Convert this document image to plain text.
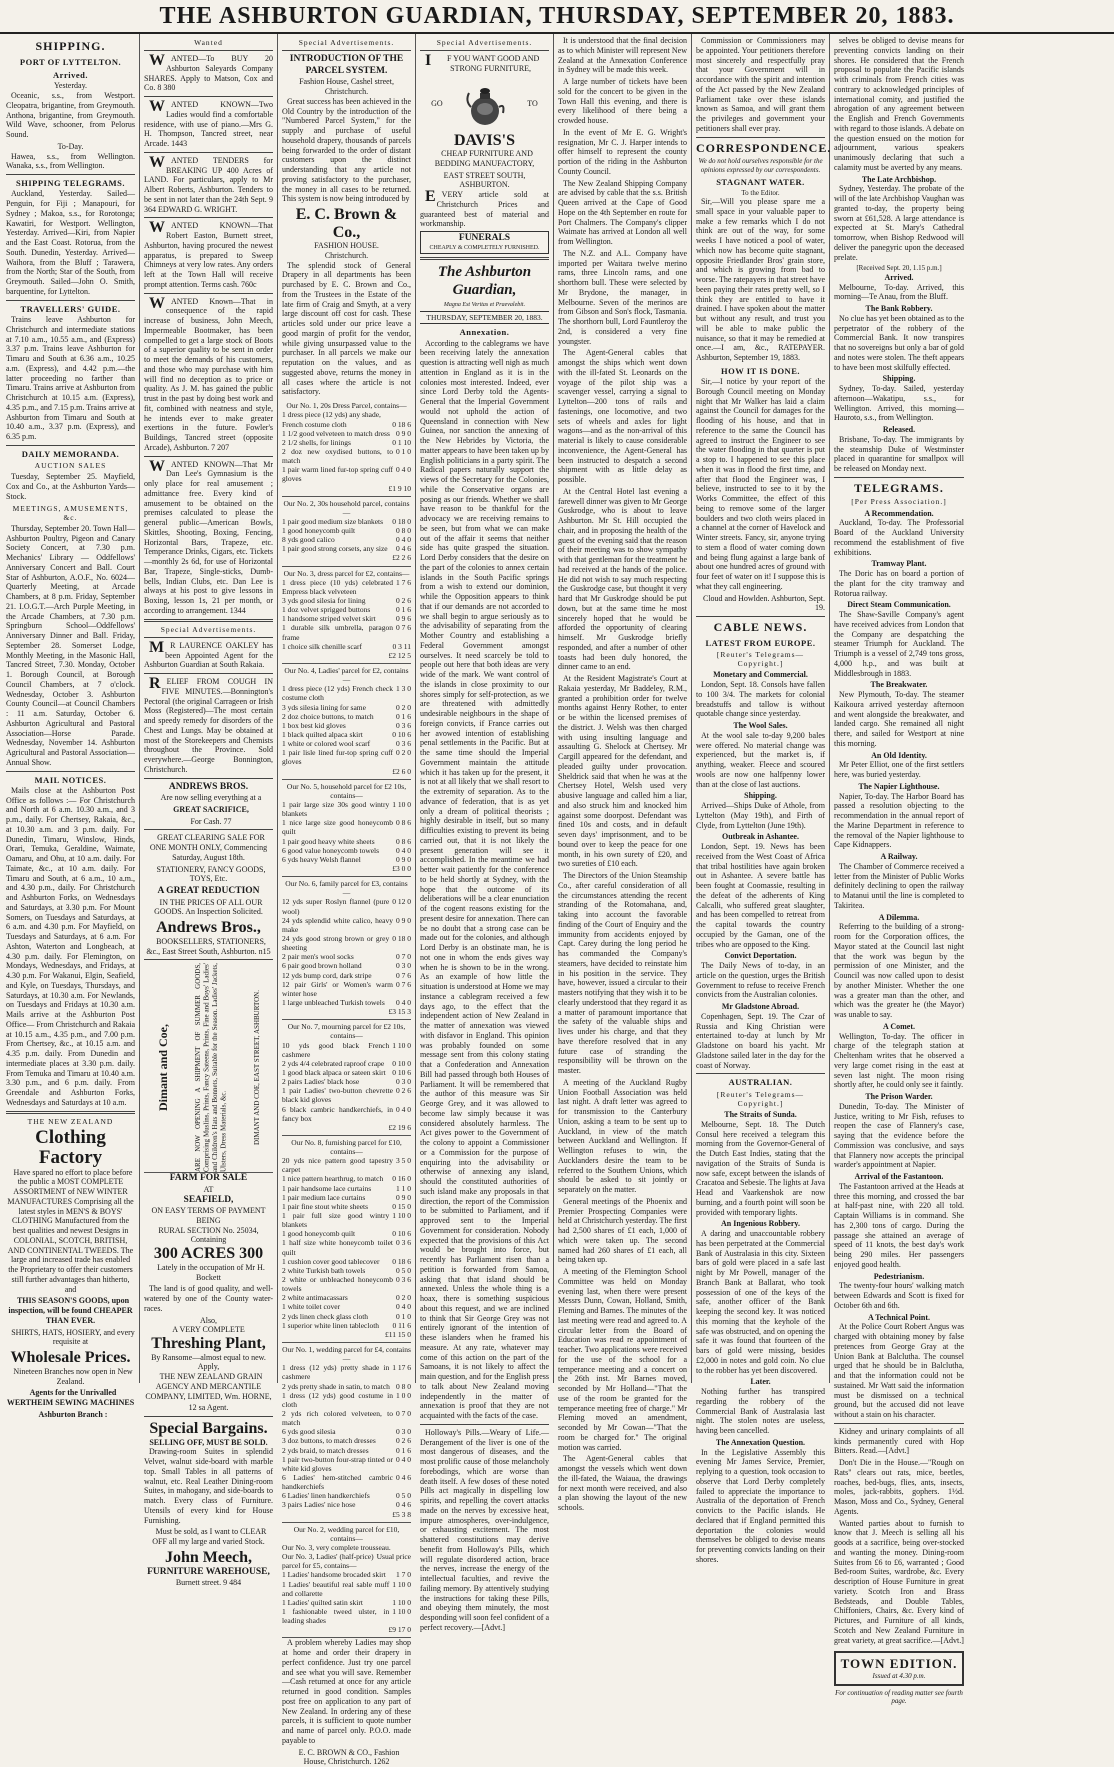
THE ASHBURTON GUARDIAN, THURSDAY, SEPTEMBER 20, 1883.
SHIPPING.
PORT OF LYTTELTON.
Arrived.
Yesterday.

Oceanic, s.s., from Westport. Cleopatra, brigantine, from Greymouth. Anthona, brigantine, from Greymouth. Wild Wave, schooner, from Pelorus Sound.

To-Day.

Hawea, s.s., from Wellington. Wanaka, s.s., from Wellington.

SHIPPING TELEGRAMS.

Auckland, Yesterday. Sailed—Penguin, for Fiji ; Manapouri, for Sydney ; Makoa, s.s., for Rorotonga; Kawatiri, for Westport. Wellington, Yesterday. Arrived—Kiri, from Napier and the East Coast. Rotorua, from the South. Dunedin, Yesterday. Arrived—Waihora, from the Bluff ; Tarawera, from the North; Star of the South, from Greymouth. Sailed—John O. Smith, barquentine, for Lyttelton.

TRAVELLERS' GUIDE.

Trains leave Ashburton for Christchurch and intermediate stations at 7.10 a.m., 10.55 a.m., and (Express) 3.37 p.m. Trains leave Ashburton for Timaru and South at 6.36 a.m., 10.25 a.m. (Express), and 4.42 p.m.—the latter proceeding no farther than Timaru. Trains arrive at Ashburton from Christchurch at 10.15 a.m. (Express), 4.35 p.m., and 7.15 p.m. Trains arrive at Ashburton from Timaru and South at 10.40 a.m., 3.37 p.m. (Express), and 6.35 p.m.

DAILY MEMORANDA.
AUCTION SALES

Tuesday, September 25. Mayfield, Cox and Co., at the Ashburton Yards—Stock.

MEETINGS, AMUSEMENTS, &c.

Thursday, September 20. Town Hall—Ashburton Poultry, Pigeon and Canary Society Concert, at 7.30 p.m. Mechanics' Library — Oddfellows' Anniversary Concert and Ball. Court Star of Ashburton, A.O.F., No. 6024—Quarterly Meeting, at Arcade Chambers, at 8 p.m. Friday, September 21. I.O.G.T.—Arch Purple Meeting, in the Arcade Chambers, at 7.30 p.m. Springburn School—Oddfellows' Anniversary Dinner and Ball. Friday, September 28. Somerset Lodge, Monthly Meeting, in the Masonic Hall, Tancred Street, 7.30. Monday, October 1. Borough Council, at Borough Council Chambers, at 7 o'clock. Wednesday, October 3. Ashburton County Council—at Council Chambers : 11 a.m. Saturday, October 6. Ashburton Agricultural and Pastoral Association—Horse Parade. Wednesday, November 14. Ashburton Agricultural and Pastoral Association—Annual Show.

MAIL NOTICES.

Mails close at the Ashburton Post Office as follows :— For Christchurch and North at 6 a.m. 10.30 a.m., and 3 p.m., daily. For Chertsey, Rakaia, &c., at 10.30 a.m. and 3 p.m. daily. For Dunedin, Timaru, Winslow, Hinds, Orari, Temuka, Geraldine, Waimate, Oamaru, and Ohu, at 10 a.m. daily. For Taimate, &c., at 10 a.m. daily. For Timaru and South, at 6 a.m., 10 a.m., and 4.30 p.m., daily. For Christchurch and Ashburton Forks, on Wednesdays and Saturdays, at 3.30 p.m. For Mount Somers, on Tuesdays and Saturdays, at 6 a.m. and 4.30 p.m. For Mayfield, on Tuesdays and Saturdays, at 6 a.m. For Ashton, Waterton and Longbeach, at 4.30 p.m. daily. For Flemington, on Mondays, Wednesdays, and Fridays, at 4.30 p.m. For Wakanui, Elgin, Seafield, and Kyle, on Tuesdays, Thursdays, and Saturdays, at 10.30 a.m. For Newlands, on Tuesdays and Fridays at 10.30 a.m. Mails arrive at the Ashburton Post Office— From Christchurch and Rakaia at 10.15 a.m., 4.35 p.m., and 7.00 p.m. From Chertsey, &c., at 10.15 a.m. and 4.35 p.m. daily. From Dunedin and intermediate places at 3.30 p.m. daily. From Temuka and Timaru at 10.40 a.m. 3.30 p.m., and 6 p.m. daily. From Greendale and Ashburton Forks, Wednesdays and Saturdays at 10 a.m.

THE NEW ZEALAND
Clothing Factory

Have spared no effort to place before the public a MOST COMPLETE ASSORTMENT of NEW WINTER MANUFACTURES Comprising all the latest styles in MEN'S & BOYS' CLOTHING Manufactured from the best qualities and newest Designs in COLONIAL, SCOTCH, BRITISH, AND CONTINENTAL TWEEDS. The large and increased trade has enabled the Proprietary to offer their customers still further advantages than hitherto, and

THIS SEASON'S GOODS, upon inspection, will be found CHEAPER THAN EVER.

SHIRTS, HATS, HOSIERY, and every requisite at

Wholesale Prices.

Nineteen Branches now open in New Zealand.

Agents for the Unrivalled WERTHEIM SEWING MACHINES

Ashburton Branch :

Wanted

WANTED—To BUY 20 Ashburton Saleyards Company SHARES. Apply to Matson, Cox and Co. 8 380

WANTED KNOWN—Two Ladies would find a comfortable residence, with use of piano.—Mrs G. H. Thompson, Tancred street, near Arcade. 1443

WANTED TENDERS for BREAKING UP 400 Acres of LAND. For particulars, apply to Mr Albert Roberts, Ashburton. Tenders to be sent in not later than the 24th Sept. 9 364 EDWARD G. WRIGHT.

WANTED KNOWN—That Robert Easton, Burnett street, Ashburton, having procured the newest apparatus, is prepared to Sweep Chimneys at very low rates. Any orders left at the Town Hall will receive prompt attention. Terms cash. 760c

WANTED Known—That in consequence of the rapid increase of business, John Meech, Impermeable Bootmaker, has been compelled to get a large stock of Boots of a superior quality to be sent in order to meet the demands of his customers, and those who may purchase with him will find no deception as to price or quality. As J. M. has gained the public trust in the past by doing best work and fit, combined with neatness and style, he intends ever to make greater exertions in the future. Fowler's Buildings, Tancred street (opposite Arcade), Ashburton. 7 207

WANTED KNOWN—That Mr Dan Lee's Gymnasium is the only place for real amusement ; admittance free. Every kind of amusement to be obtained on the premises calculated to please the general public—American Bowls, Skittles, Shooting, Boxing, Fencing, Horizontal Bars, Trapeze, etc. Temperance Drinks, Cigars, etc. Tickets—monthly 2s 6d, for use of Horizontal Bar, Trapeze, Single-sticks, Dumb-bells, Indian Clubs, etc. Dan Lee is always at his post to give lessons in Boxing, lesson 1s, 21 per month, or according to arrangement. 1344

Special Advertisements.

MR LAURENCE OAKLEY has been Appointed Agent for the Ashburton Guardian at South Rakaia.

RELIEF FROM COUGH IN FIVE MINUTES.—Bonnington's Pectoral (the original Carrageen or Irish Moss (Registered)—The most certain and speedy remedy for disorders of the Chest and Lungs. May be obtained at most of the Storekeepers and Chemists throughout the Province. Sold everywhere.—George Bonnington, Christchurch.

ANDREWS BROS.

Are now selling everything at a

GREAT SACRIFICE,

For Cash. 77

GREAT CLEARING SALE FOR ONE MONTH ONLY, Commencing Saturday, August 18th.

STATIONERY, FANCY GOODS, TOYS, Etc.

A GREAT REDUCTION

IN THE PRICES OF ALL OUR GOODS. An Inspection Solicited.

Andrews Bros.,

BOOKSELLERS, STATIONERS, &c., East Street South, Ashburton. n15

Dimant and Coe,	ARE NOW OPENING A SHIPMENT OF SUMMER GOODS, Comprising Muslins, Prints, Fancy Sateens, Prints, Fine and Boys' Ladies' and Children's Hats and Bonnets, Suitable for the Season. Ladies' Jackets, Ulsters, Dress Materials, &c.	DIMANT AND COE, EAST STREET, ASHBURTON.
FARM FOR SALE
AT
SEAFIELD,
ON EASY TERMS OF PAYMENT
BEING
RURAL SECTION No. 25034,
Containing
300 ACRES 300

Lately in the occupation of Mr H. Bockett

The land is of good quality, and well-watered by one of the County water-races.

Also,
A VERY COMPLETE
Threshing Plant,
By Ransome—almost equal to new.
Apply,

THE NEW ZEALAND GRAIN AGENCY AND MERCANTILE COMPANY, LIMITED, Wm. HORNE,

12 sa Agent.
Special Bargains.
SELLING OFF, MUST BE SOLD.

Drawing-room Suites in splendid Velvet, walnut side-board with marble top. Small Tables in all patterns of walnut, etc. Real Leather Dining-room Suites, in mahogany, and side-boards to match. Every class of Furniture. Utensils of every kind for House Furnishing.

Must be sold, as I want to CLEAR OFF all my large and varied Stock.

John Meech,
FURNITURE WAREHOUSE,
Burnett street. 9 484
Special Advertisements.
INTRODUCTION OF THE PARCEL SYSTEM.
Fashion House, Cashel street, Christchurch.

Great success has been achieved in the Old Country by the introduction of the "Numbered Parcel System," for the supply and purchase of useful household drapery, thousands of parcels being forwarded to the order of distant customers upon the distinct understanding that any article not proving satisfactory to the purchaser, the money in all cases to be returned. This system is now being introduced by

E. C. Brown & Co.,
FASHION HOUSE.
Christchurch.

The splendid stock of General Drapery in all departments has been purchased by E. C. Brown and Co., from the Trustees in the Estate of the late firm of Craig and Smyth, at a very large discount off cost for cash. These articles sold under our price leave a good margin of profit for the vendor, while giving unsurpassed value to the purchaser. In all parcels we make our reputation on the values, and as suggested above, returns the money in all cases where the article is not satisfactory.

Our No. 1, 20s Dress Parcel, contains—
1 dress piece (12 yds) any shade,
French costume cloth	0 18 6
1 1/2 good velveteen to match dress 0 9 0
2 1/2 shells, for linings	0 1 10
2 doz new oxydised buttons, to match
0 1 0
1 pair warm lined fur-top spring cuff gloves
0 4 0
£1 9 10
Our No. 2, 30s household parcel, contains—
1 pair good medium size blankets 0 18 0
1 good honeycomb quilt	0 8 0
8 yds good calico	0 4 0
1 pair good strong corsets, any size 0 4 6
£2 2 6
Our No. 3, dress parcel for £2, contains—
1 dress piece (10 yds) celebrated Empress black velveteen
1 7 6
3 yds good silesia for lining	0 2 6
1 doz velvet sprigged buttons	0 1 6
1 handsome striped velvet skirt	0 9 6
1 durable silk umbrella, paragon frame
0 7 6
1 choice silk chenille scarf	0 3 11
£2 12 5
Our No. 4, Ladies' parcel for £2, contains—
1 dress piece (12 yds) French check costume cloth
1 3 0
3 yds silesia lining for same	0 2 0
2 doz choice buttons, to match	0 1 6
1 box best kid gloves	0 3 6
1 black quilted alpaca skirt	0 10 6
1 white or colored wool scarf	0 3 6
1 pair lisle lined fur-top spring cuff gloves
0 2 0
£2 6 0
Our No. 5, household parcel for £2 10s, contains—
1 pair large size 30s good wintry blankets
1 10 0
1 nice large size good honeycomb quilt
0 8 6
1 pair good heavy white sheets	0 8 6
6 good value honeycomb towels 0 4 0
6 yds heavy Welsh flannel	0 9 0
£3 0 0
Our No. 6, family parcel for £3, contains—
12 yds super Roslyn flannel (pure wool)
0 12 0
24 yds splendid white calico, heavy make
0 9 0
24 yds good strong brown or grey sheeting
0 18 0
2 pair men's wool socks	0 7 0
6 pair good brown holland	0 3 0
12 yds bump cord, dark stripe	0 7 6
12 pair Girls' or Women's warm winter hose
0 7 6
1 large unbleached Turkish towels 0 4 0
£3 15 3
Our No. 7, mourning parcel for £2 10s, contains—
10 yds good black French cashmere
1 10 0
2 yds 4/4 celebrated raproof crape 0 10 0
1 good black alpaca or sateen skirt 0 10 6
2 pairs Ladies' black hose	0 3 0
1 pair Ladies' two-button chevrette black kid gloves
0 2 6
6 black cambric handkerchiefs, in fancy box
0 4 0
£2 19 6
Our No. 8, furnishing parcel for £10, contains—
20 yds nice pattern good tapestry carpet
3 5 0
1 nice pattern hearthrug, to match 0 16 0
1 pair handsome lace curtains	1 1 0
1 pair medium lace curtains	0 9 0
1 pair fine stout white sheets	0 15 0
1 pair full size good wintry blankets
1 10 0
1 good honeycomb quilt	0 10 6
1 half size white honeycomb toilet quilt
0 3 6
1 cushion cover good tablecover 0 18 6
2 white Turkish bath towels	0 5 0
2 white or unbleached honeycomb towels
0 3 6
2 white antimacassars	0 2 0
1 white toilet cover	0 4 0
2 yds linen check glass cloth	0 1 0
1 superior white linen tablecloth 0 11 6
£11 15 0
Our No. 1, wedding parcel for £4, contains—
1 dress (12 yds) pretty shade in cashmere
1 17 6
2 yds pretty shade in satin, to match 0 8 0
1 dress (12 yds) good costume in cloth
1 0 0
2 yds rich colored velveteen, to match
0 7 0
6 yds good silesia	0 3 0
3 doz buttons, to match dresses	0 2 6
2 yds braid, to match dresses	0 1 6
1 pair two-button four-strap tinted or white kid gloves
0 4 0
6 Ladies' hem-stitched cambric handkerchiefs
0 4 6
6 Ladies' linen handkerchiefs	0 5 0
3 pairs Ladies' nice hose	0 4 6
£5 3 8
Our No. 2, wedding parcel for £10, contains—
Our No. 3, very complete trousseau.
Our No. 3, Ladies' (half-price) parcel for £5, contains—
Usual price
1 Ladies' handsome brocaded skirt 1 7 0
1 Ladies' beautiful real sable muff and collarette
1 10 0
1 Ladies' quilted satin skirt	1 10 0
1 fashionable tweed ulster, in leading shades
1 10 0
£9 17 0

A problem whereby Ladies may shop at home and order their drapery in perfect confidence. Just try one parcel and see what you will save. Remember—Cash returned at once for any article returned in good condition. Samples post free on application to any part of New Zealand. In ordering any of these parcels, it is sufficient to quote number and name of parcel only. P.O.O. made payable to

E. C. BROWN & CO., Fashion House, Christchurch. 1262

Special Advertisements.

IF YOU WANT GOOD AND STRONG FURNITURE,

GO	TO
DAVIS'S

CHEAP FURNITURE AND BEDDING MANUFACTORY,

EAST STREET SOUTH,
ASHBURTON.

EVERY article sold at Christchurch Prices and guaranteed best of material and workmanship.

FUNERALS
CHEAPLY & COMPLETELY FURNISHED.
The Ashburton Guardian,
Magna Est Veritas et Praevalebit.
THURSDAY, SEPTEMBER 20, 1883.
Annexation.

According to the cablegrams we have been receiving lately the annexation question is attracting well nigh as much attention in England as it is in the colonies most interested. Indeed, ever since Lord Derby told the Agents-General that the Imperial Government would not uphold the action of Queensland in connection with New Guinea, nor sanction the annexing of the New Hebrides by Victoria, the matter appears to have been taken up by English politicians in a party spirit. The Radical papers naturally support the views of the Secretary for the Colonies, while the Conservative organs are posing as our friends. Whether we shall have reason to be thankful for the advocacy we are receiving remains to be seen, but from what we can make out of the affair it seems that neither side has quite grasped the situation. Lord Derby considers that the desire on the part of the colonies to annex certain islands in the South Pacific springs from a wish to extend our dominion, while the Opposition appears to think that if our demands are not accorded to we shall begin to argue seriously as to the advisability of separating from the Mother Country and establishing a Federal Government amongst ourselves. It need scarcely be told to people out here that both ideas are very wide of the mark. We want control of the islands in close proximity to our shores simply for self-protection, as we are threatened with admittedly undesirable neighbours in the shape of foreign convicts, if France carries out her avowed intention of establishing penal settlements in the Pacific. But at the same time should the Imperial Government maintain the attitude which it has taken up for the present, it is not at all likely that we shall resort to the extremity of separation. As to the advance of federation, that is as yet only a dream of political theorists ; highly desirable in itself, but so many difficulties existing to prevent its being carried out, that it is not likely the present generation will see it accomplished. In the meantime we had better wait patiently for the conference to be held shortly at Sydney, with the hope that the outcome of its deliberations will be a clear enunciation of the cogent reasons existing for the present desire for annexation. There can be no doubt that a strong case can be made out for the colonies, and although Lord Derby is an obstinate man, he is not one in whom the ends gives way when he is shown to be in the wrong. As an example of how little the situation is understood at Home we may instance a cablegram received a few days ago, to the effect that the independent action of New Zealand in the matter of annexation was viewed with disfavor in England. This opinion was probably founded on some message sent from this colony stating that a Confederation and Annexation Bill had passed through both Houses of Parliament. It will be remembered that the author of this measure was Sir George Grey, and it was allowed to become law simply because it was considered absolutely harmless. The Act gives power to the Government of the colony to appoint a Commissioner or a Commission for the purpose of enquiring into the advisability or otherwise of annexing any island, should the constituted authorities of such island make any proposals in that direction, the report of the Commission to be submitted to Parliament, and if approved sent to the Imperial Government for consideration. Nobody expected that the provisions of this Act would be brought into force, but recently has Parliament risen than a petition is forwarded from Samoa, asking that that island should be annexed. Unless the whole thing is a hoax, there is something suspicious about this request, and we are inclined to think that Sir George Grey was not entirely ignorant of the intention of these islanders when he framed his measure. At any rate, whatever may come of this action on the part of the Samoans, it is not likely to affect the main question, and for the English press to talk about New Zealand moving independently in the matter of annexation is proof that they are not acquainted with the facts of the case.

Holloway's Pills.—Weary of Life.—Derangement of the liver is one of the most dangerous of diseases, and the most prolific cause of those melancholy forebodings, which are worse than death itself. A few doses of these noted Pills act magically in dispelling low spirits, and repelling the covert attacks made on the nerves by excessive heat, impure atmospheres, over-indulgence, or exhausting excitement. The most shattered constitutions may derive benefit from Holloway's Pills, which will regulate disordered action, brace the nerves, increase the energy of the intellectual faculties, and revive the failing memory. By attentively studying the instructions for taking these Pills, and obeying them minutely, the most desponding will soon feel confident of a perfect recovery.—[Advt.]

It is understood that the final decision as to which Minister will represent New Zealand at the Annexation Conference in Sydney will be made this week.

A large number of tickets have been sold for the concert to be given in the Town Hall this evening, and there is every likelihood of there being a crowded house.

In the event of Mr E. G. Wright's resignation, Mr C. J. Harper intends to offer himself to represent the county portion of the riding in the Ashburton County Council.

The New Zealand Shipping Company are advised by cable that the s.s. British Queen arrived at the Cape of Good Hope on the 4th September en route for Port Chalmers. The Company's clipper Waimate has arrived at London all well from Wellington.

The N.Z. and A.L. Company have imported per Waitara twelve merino rams, three Lincoln rams, and one shorthorn bull. These were selected by Mr Brydone, the manager, in Melbourne. Seven of the merinos are from Gibson and Son's flock, Tasmania. The shorthorn bull, Lord Fauntleroy the 2nd, is considered a very fine youngster.

The Agent-General cables that amongst the ships which went down with the ill-fated St. Leonards on the voyage of the pilot ship was a scavenger vessel, carrying a signal to Lyttelton—200 tons of rails and fastenings, one locomotive, and two sets of wheels and axles for light wagons—and as the non-arrival of this material is likely to cause considerable inconvenience, the Agent-General has been instructed to despatch a second shipment with as little delay as possible.

At the Central Hotel last evening a farewell dinner was given to Mr George Guskrodge, who is about to leave Ashburton. Mr St. Hill occupied the chair, and in proposing the health of the guest of the evening said that the reason of their meeting was to show sympathy with that gentleman for the treatment he had received at the hands of the police. He did not wish to say much respecting the Guskrodge case, but thought it very hard that Mr Guskrodge should be put down, but at the same time he most sincerely hoped that he would be afforded the opportunity of clearing himself. Mr Guskrodge briefly responded, and after a number of other toasts had been duly honored, the dinner came to an end.

At the Resident Magistrate's Court at Rakaia yesterday, Mr Baddeley, R.M., granted a prohibition order for twelve months against Henry Rother, to enter or be within the licensed premises of the district. J. Welsh was then charged with using insulting language and assaulting G. Shelock at Chertsey. Mr Cargill appeared for the defendant, and pleaded guilty under provocation. Sheldrick said that when he was at the Chertsey Hotel, Welsh used very abusive language and called him a liar, and also struck him and knocked him against some doorpost. Defendant was fined 10s and costs, and in default seven days' imprisonment, and to be bound over to keep the peace for one month, in his own surety of £20, and two sureties of £10 each.

The Directors of the Union Steamship Co., after careful consideration of all the circumstances attending the recent stranding of the Rotomahana, and, taking into account the favorable finding of the Court of Enquiry and the immunity from accidents enjoyed by Capt. Carey during the long period he has commanded the Company's steamers, have decided to reinstate him in his position in the service. They have, however, issued a circular to their masters notifying that they wish it to be clearly understood that they regard it as a matter of paramount importance that the safety of the valuable ships and lives under his charge, and that they have therefore resolved that in any future case of stranding the responsibility will be thrown on the master.

A meeting of the Auckland Rugby Union Football Association was held last night. A draft letter was agreed to for transmission to the Canterbury Union, asking a team to be sent up to Auckland, in view of the match between Auckland and Wellington. If Wellington refuses to win, the Aucklanders desire the team to be referred to the Southern Unions, which should be asked to sit jointly or separately on the matter.

General meetings of the Phoenix and Premier Prospecting Companies were held at Christchurch yesterday. The first had 2,500 shares of £1 each, 1,000 of which were taken up. The second named had 260 shares of £1 each, all being taken up.

A meeting of the Flemington School Committee was held on Monday evening last, when there were present Messrs Dunn, Cowan, Holland, Smith, Fleming and Barnes. The minutes of the last meeting were read and agreed to. A circular letter from the Board of Education was read re appointment of teacher. Two applications were received for the use of the school for a temperance meeting and a concert on the 26th inst. Mr Barnes moved, seconded by Mr Holland—"That the use of the room be granted for the temperance meeting free of charge." Mr Fleming moved an amendment, seconded by Mr Cowan—"That the room be charged for." The original motion was carried.

The Agent-General cables that amongst the vessels which went down the ill-fated, the Waiaua, the drawings for next month were received, and also a plan showing the layout of the new schools.

Commission or Commissioners may be appointed. Your petitioners therefore most sincerely and respectfully pray that your Government will in accordance with the spirit and intention of the Act passed by the New Zealand Parliament take over these islands known as Samoa, and will grant them the privileges and government your petitioners shall ever pray.

CORRESPONDENCE.
We do not hold ourselves responsible for the opinions expressed by our correspondents.
STAGNANT WATER.
To the Editor.

Sir,—Will you please spare me a small space in your valuable paper to make a few remarks which I do not think are out of the way, for some weeks I have noticed a pool of water, which now has become quite stagnant, opposite Friedlander Bros' grain store, and which is growing from bad to worse. The ratepayers in that street have been paying their rates pretty well, so I think they are entitled to have it drained. I have spoken about the matter but without any result, and trust you will be able to make public the nuisance, so that it may be remedied at once.—I am, &c., RATEPAYER. Ashburton, September 19, 1883.

HOW IT IS DONE.

Sir,—I notice by your report of the Borough Council meeting on Monday night that Mr Walker has laid a claim against the Council for damages for the flooding of his house, and that in reference to the same the Council has agreed to instruct the Engineer to see the water flooding in that quarter is put a stop to. I happened to see this place when it was in flood the first time, and after that flood the Engineer was, I believe, instructed to see to it by the Works Committee, the effect of this being to remove some of the larger boulders and two cloth weirs placed in a channel at the corner of Havelock and Winter streets. Fancy, sir, anyone trying to stem a flood of water coming down and being flung against a large bank of about one hundred acres of ground with four feet of water on it! I suppose this is what they call engineering.

Cloud and Howlden. Ashburton, Sept. 19.

CABLE NEWS.
LATEST FROM EUROPE.
[Reuter's Telegrams—Copyright.]
Monetary and Commercial.

London, Sept. 18. Consols have fallen to 100 3/4. The markets for colonial breadstuffs and tallow is without quotable change since yesterday.

The Wool Sales.

At the wool sale to-day 9,200 bales were offered. No material change was experienced, but the market is, if anything, weaker. Fleece and scoured wools are now one halfpenny lower than at the close of last auctions.

Shipping.

Arrived—Ships Duke of Athole, from Lyttelton (May 19th), and Firth of Clyde, from Lyttelton (June 19th).

Outbreak in Ashantee.

London, Sept. 19. News has been received from the West Coast of Africa that tribal hostilities have again broken out in Ashantee. A severe battle has been fought at Coomassie, resulting in the defeat of the adherents of King Calcalli, who suffered great slaughter, and has been compelled to retreat from the capital towards the country occupied by the Gaman, one of the tribes who are opposed to the King.

Convict Deportation.

The Daily News of to-day, in an article on the question, urges the British Government to refuse to receive French convicts from the Australian colonies.

Mr Gladstone Abroad.

Copenhagen, Sept. 19. The Czar of Russia and King Christian were entertained to-day at lunch by Mr Gladstone on board his yacht. Mr Gladstone sailed later in the day for the coast of Norway.

AUSTRALIAN.
[Reuter's Telegrams—Copyright.]
The Straits of Sunda.

Melbourne, Sept. 18. The Dutch Consul here received a telegram this morning from the Governor-General of the Dutch East Indies, stating that the navigation of the Straits of Sunda is now safe, except between the islands of Cracatoa and Sebesie. The lights at Java Head and Vaarkenshok are now burning, and a fourth point will soon be provided with temporary lights.

An Ingenious Robbery.

A daring and unaccountable robbery has been perpetrated at the Commercial Bank of Australasia in this city. Sixteen bars of gold were placed in a safe last night by Mr Powell, manager of the Branch Bank at Ballarat, who took possession of one of the keys of the safe, another officer of the Bank keeping the second key. It was noticed this morning that the keyhole of the safe was obstructed, and on opening the safe it was found that fourteen of the bars of gold were missing, besides £2,000 in notes and gold coin. No clue to the robber has yet been discovered.

Later.

Nothing further has transpired regarding the robbery of the Commercial Bank of Australasia last night. The stolen notes are useless, having been cancelled.

The Annexation Question.

In the Legislative Assembly this evening Mr James Service, Premier, replying to a question, took occasion to observe that Lord Derby completely failed to appreciate the importance to Australia of the deportation of French convicts to the Pacific islands. He declared that if England permitted this deportation the colonies would themselves be obliged to devise means for preventing convicts landing on their shores.

selves be obliged to devise means for preventing convicts landing on their shores. He considered that the French proposal to populate the Pacific islands with criminals from French cities was contrary to acknowledged principles of international comity, and justified the abrogation of any agreement between the English and French Governments with regard to those islands. A debate on the question ensued on the motion for adjournment, various speakers unanimously declaring that such a calamity must be averted by any means.

The Late Archbishop.

Sydney, Yesterday. The probate of the will of the late Archbishop Vaughan was granted to-day, the property being sworn at £61,528. A large attendance is expected at St. Mary's Cathedral tomorrow, when Bishop Redwood will deliver the panegyric upon the deceased prelate.

[Received Sept. 20, 1.15 p.m.]
Arrived.

Melbourne, To-day. Arrived, this morning—Te Anau, from the Bluff.

The Bank Robbery.

No clue has yet been obtained as to the perpetrator of the robbery of the Commercial Bank. It now transpires that no sovereigns but only a bar of gold and notes were stolen. The theft appears to have been most skilfully effected.

Shipping.

Sydney, To-day. Sailed, yesterday afternoon—Wakatipu, s.s., for Wellington. Arrived, this morning—Hauroto, s.s., from Wellington.

Released.

Brisbane, To-day. The immigrants by the steamship Duke of Westminster placed in quarantine for smallpox will be released on Monday next.

TELEGRAMS.
[Per Press Association.]
A Recommendation.

Auckland, To-day. The Professorial Board of the Auckland University recommend the establishment of five exhibitions.

Tramway Plant.

The Doric has on board a portion of the plant for the city tramway and Rotorua railway.

Direct Steam Communication.

The Shaw-Saville Company's agent have received advices from London that the Company are despatching the steamer Triumph for Auckland. The Triumph is a vessel of 2,749 tons gross, 4,000 h.p., and was built at Middlesbrough in 1883.

The Breakwater.

New Plymouth, To-day. The steamer Kaikoura arrived yesterday afternoon and went alongside the breakwater, and landed cargo. She remained all night there, and sailed for Westport at nine this morning.

An Old Identity.

Mr Peter Elliot, one of the first settlers here, was buried yesterday.

The Napier Lighthouse.

Napier, To-day. The Harbor Board has passed a resolution objecting to the recommendation in the annual report of the Marine Department in reference to the removal of the Napier lighthouse to Cape Kidnappers.

A Railway.

The Chamber of Commerce received a letter from the Minister of Public Works definitely declining to open the railway to Matanui until the line is completed to Takiritea.

A Dilemma.

Referring to the building of a strong-room for the Corporation offices, the Mayor stated at the Council last night that the work was begun by the permission of one Minister, and the Council was now called upon to desist by another Minister. Whether the one was a greater man than the other, and which was the greater he (the Mayor) was unable to say.

A Comet.

Wellington, To-day. The officer in charge of the telegraph station at Cheltenham writes that he observed a very large comet rising in the east at seven last night. The moon rising shortly after, he could only see it faintly.

The Prison Warder.

Dunedin, To-day. The Minister of Justice, writing to Mr Fish, refuses to reopen the case of Flannery's case, saying that the evidence before the Commission was conclusive, and says that Flannery now accepts the principal warder's appointment at Napier.

Arrival of the Fastantoon.

The Fastantoon arrived at the Heads at three this morning, and crossed the bar at half-past nine, with 220 all told. Captain Williams is in command. She has 2,300 tons of cargo. During the passage she attained an average of speed of 11 knots, the best day's work being 290 miles. Her passengers enjoyed good health.

Pedestrianism.

The twenty-four hours' walking match between Edwards and Scott is fixed for October 6th and 6th.

A Technical Point.

At the Police Court Robert Angus was charged with obtaining money by false pretences from George Gray at the Union Bank at Balclutha. The counsel urged that he should be in Balclutha, and that the information could not be sustained. Mr Watt said the information must be dismissed on a technical ground, but the accused did not leave without a stain on his character.

Kidney and urinary complaints of all kinds permanently cured with Hop Bitters. Read.—[Advt.]

Don't Die in the House.—"Rough on Rats" clears out rats, mice, beetles, roaches, bed-bugs, flies, ants, insects, moles, jack-rabbits, gophers. 1½d. Mason, Moss and Co., Sydney, General Agents.

Wanted parties about to furnish to know that J. Meech is selling all his goods at a sacrifice, being over-stocked and wanting the money. Dining-room Suites from £6 to £6, warranted ; Good Bed-room Suites, wardrobe, &c. Every description of House Furniture in great variety. Scotch Iron and Brass Bedsteads, and Double Tables, Chiffoniers, Chairs, &c. Every kind of Pictures, and Furniture of all kinds, Scotch and New Zealand Furniture in great variety, at great sacrifice.—[Advt.]

TOWN EDITION.
Issued at 4.30 p.m.
For continuation of reading matter see fourth page.
